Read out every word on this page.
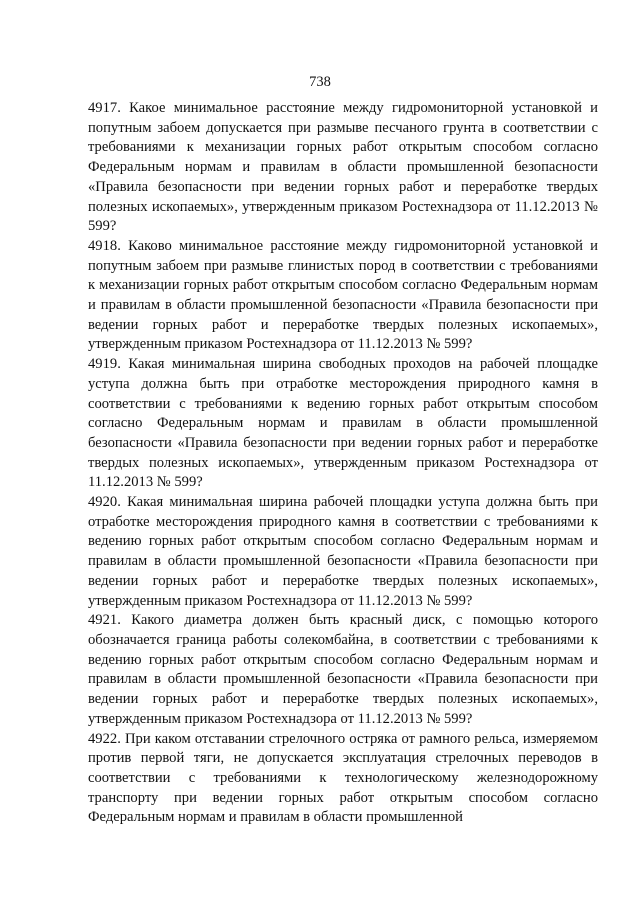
738

4917. Какое минимальное расстояние между гидромониторной установкой и попутным забоем допускается при размыве песчаного грунта в соответствии с требованиями к механизации горных работ открытым способом согласно Федеральным нормам и правилам в области промышленной безопасности «Правила безопасности при ведении горных работ и переработке твердых полезных ископаемых», утвержденным приказом Ростехнадзора от 11.12.2013 № 599?

4918. Каково минимальное расстояние между гидромониторной установкой и попутным забоем при размыве глинистых пород в соответствии с требованиями к механизации горных работ открытым способом согласно Федеральным нормам и правилам в области промышленной безопасности «Правила безопасности при ведении горных работ и переработке твердых полезных ископаемых», утвержденным приказом Ростехнадзора от 11.12.2013 № 599?

4919. Какая минимальная ширина свободных проходов на рабочей площадке уступа должна быть при отработке месторождения природного камня в соответствии с требованиями к ведению горных работ открытым способом согласно Федеральным нормам и правилам в области промышленной безопасности «Правила безопасности при ведении горных работ и переработке твердых полезных ископаемых», утвержденным приказом Ростехнадзора от 11.12.2013 № 599?

4920. Какая минимальная ширина рабочей площадки уступа должна быть при отработке месторождения природного камня в соответствии с требованиями к ведению горных работ открытым способом согласно Федеральным нормам и правилам в области промышленной безопасности «Правила безопасности при ведении горных работ и переработке твердых полезных ископаемых», утвержденным приказом Ростехнадзора от 11.12.2013 № 599?

4921. Какого диаметра должен быть красный диск, с помощью которого обозначается граница работы солекомбайна, в соответствии с требованиями к ведению горных работ открытым способом согласно Федеральным нормам и правилам в области промышленной безопасности «Правила безопасности при ведении горных работ и переработке твердых полезных ископаемых», утвержденным приказом Ростехнадзора от 11.12.2013 № 599?

4922. При каком отставании стрелочного остряка от рамного рельса, измеряемом против первой тяги, не допускается эксплуатация стрелочных переводов в соответствии с требованиями к технологическому железнодорожному транспорту при ведении горных работ открытым способом согласно Федеральным нормам и правилам в области промышленной
